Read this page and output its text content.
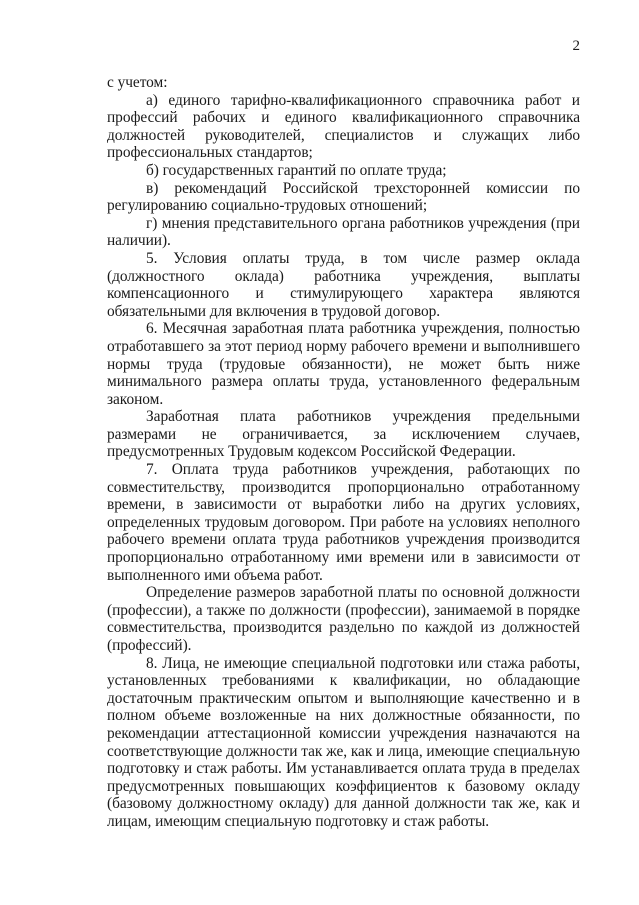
2

с учетом:

а) единого тарифно-квалификационного справочника работ и профессий рабочих и единого квалификационного справочника должностей руководителей, специалистов и служащих либо профессиональных стандартов;

б) государственных гарантий по оплате труда;

в) рекомендаций Российской трехсторонней комиссии по регулированию социально-трудовых отношений;

г) мнения представительного органа работников учреждения (при наличии).

5. Условия оплаты труда, в том числе размер оклада (должностного оклада) работника учреждения, выплаты компенсационного и стимулирующего характера являются обязательными для включения в трудовой договор.

6. Месячная заработная плата работника учреждения, полностью отработавшего за этот период норму рабочего времени и выполнившего нормы труда (трудовые обязанности), не может быть ниже минимального размера оплаты труда, установленного федеральным законом.

Заработная плата работников учреждения предельными размерами не ограничивается, за исключением случаев, предусмотренных Трудовым кодексом Российской Федерации.

7. Оплата труда работников учреждения, работающих по совместительству, производится пропорционально отработанному времени, в зависимости от выработки либо на других условиях, определенных трудовым договором. При работе на условиях неполного рабочего времени оплата труда работников учреждения производится пропорционально отработанному ими времени или в зависимости от выполненного ими объема работ.

Определение размеров заработной платы по основной должности (профессии), а также по должности (профессии), занимаемой в порядке совместительства, производится раздельно по каждой из должностей (профессий).

8. Лица, не имеющие специальной подготовки или стажа работы, установленных требованиями к квалификации, но обладающие достаточным практическим опытом и выполняющие качественно и в полном объеме возложенные на них должностные обязанности, по рекомендации аттестационной комиссии учреждения назначаются на соответствующие должности так же, как и лица, имеющие специальную подготовку и стаж работы. Им устанавливается оплата труда в пределах предусмотренных повышающих коэффициентов к базовому окладу (базовому должностному окладу) для данной должности так же, как и лицам, имеющим специальную подготовку и стаж работы.
